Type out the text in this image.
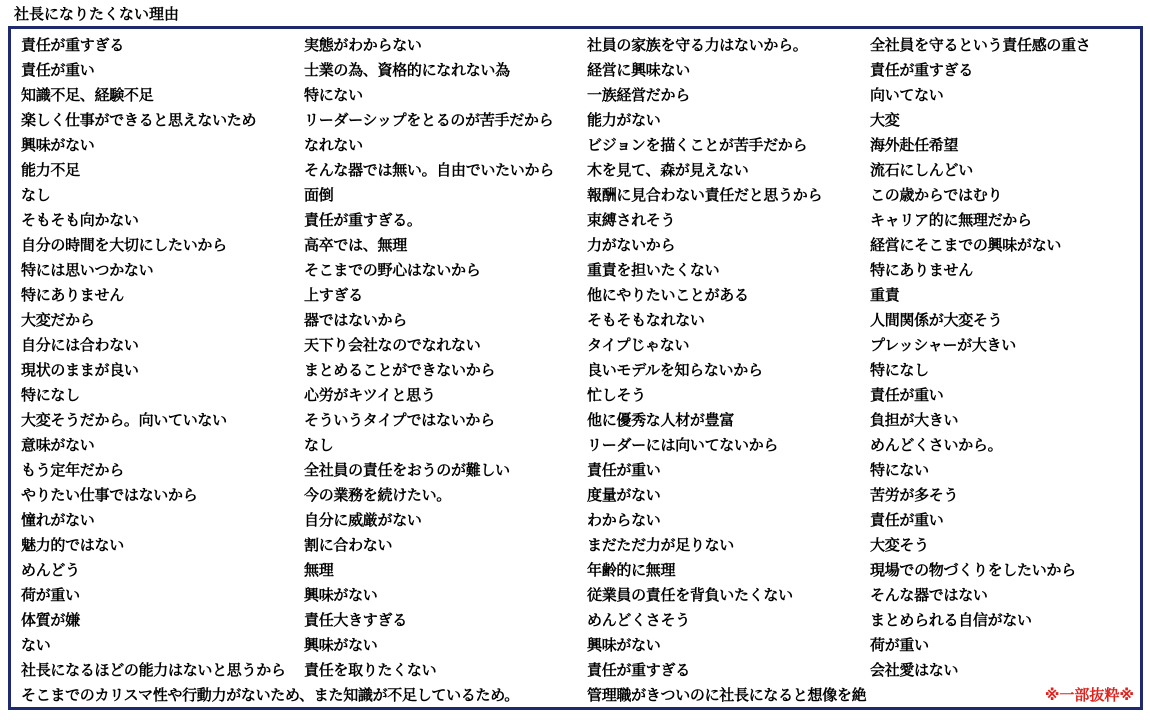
社長になりたくない理由
責任が重すぎる	実態がわからない	社員の家族を守る力はないから。	全社員を守るという責任感の重さ
責任が重い	士業の為、資格的になれない為	経営に興味ない	責任が重すぎる
知識不足、経験不足	特にない	一族経営だから	向いてない
楽しく仕事ができると思えないため	リーダーシップをとるのが苦手だから	能力がない	大変
興味がない	なれない	ビジョンを描くことが苦手だから	海外赴任希望
能力不足	そんな器では無い。自由でいたいから	木を見て、森が見えない	流石にしんどい
なし	面倒	報酬に見合わない責任だと思うから	この歳からではむり
そもそも向かない	責任が重すぎる。	束縛されそう	キャリア的に無理だから
自分の時間を大切にしたいから	高卒では、無理	力がないから	経営にそこまでの興味がない
特には思いつかない	そこまでの野心はないから	重責を担いたくない	特にありません
特にありません	上すぎる	他にやりたいことがある	重責
大変だから	器ではないから	そもそもなれない	人間関係が大変そう
自分には合わない	天下り会社なのでなれない	タイプじゃない	プレッシャーが大きい
現状のままが良い	まとめることができないから	良いモデルを知らないから	特になし
特になし	心労がキツイと思う	忙しそう	責任が重い
大変そうだから。向いていない	そういうタイプではないから	他に優秀な人材が豊富	負担が大きい
意味がない	なし	リーダーには向いてないから	めんどくさいから。
もう定年だから	全社員の責任をおうのが難しい	責任が重い	特にない
やりたい仕事ではないから	今の業務を続けたい。	度量がない	苦労が多そう
憧れがない	自分に威厳がない	わからない	責任が重い
魅力的ではない	割に合わない	まだただ力が足りない	大変そう
めんどう	無理	年齢的に無理	現場での物づくりをしたいから
荷が重い	興味がない	従業員の責任を背負いたくない	そんな器ではない
体質が嫌	責任大きすぎる	めんどくさそう	まとめられる自信がない
ない	興味がない	興味がない	荷が重い
社長になるほどの能力はないと思うから	責任を取りたくない	責任が重すぎる	会社愛はない
そこまでのカリスマ性や行動力がないため、また知識が不足しているため。	管理職がきついのに社長になると想像を絶	※一部抜粋※
